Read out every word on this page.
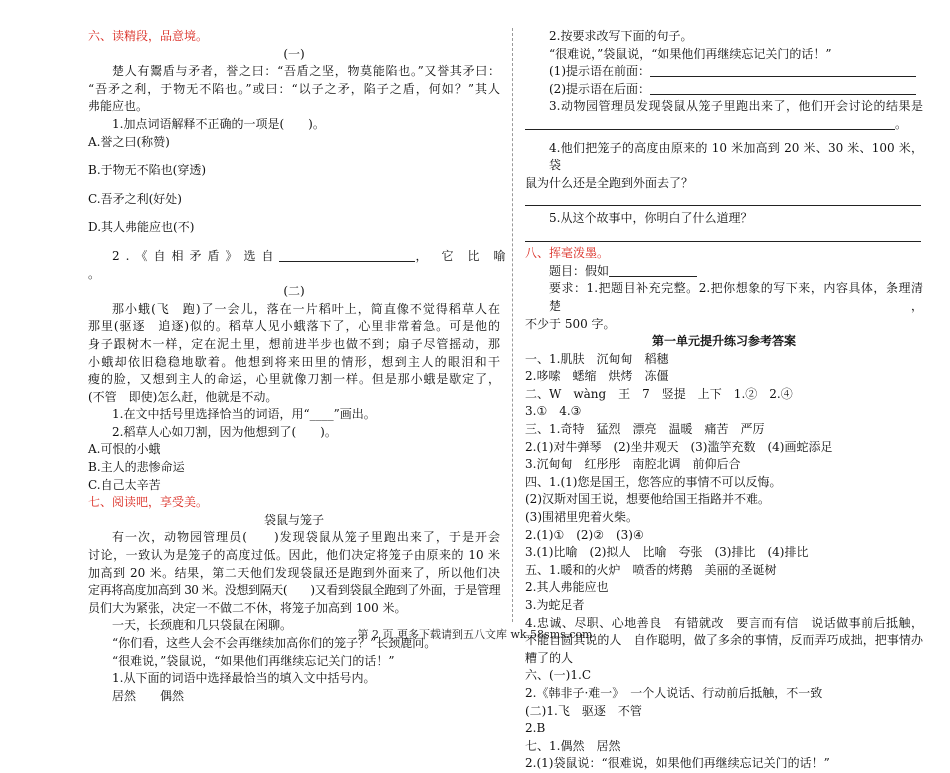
六、读精段，品意境。
(一)
楚人有鬻盾与矛者，誉之曰：“吾盾之坚，物莫能陷也。”又誉其矛曰：
“吾矛之利，于物无不陷也。”或曰：“以子之矛，陷子之盾，何如？”其人
弗能应也。
1.加点词语解释不正确的一项是(　　)。
A.誉之曰(称赞)
B.于物无不陷也(穿透)
C.吾矛之利(好处)
D.其人弗能应也(不)
2.《自相矛盾》选自	，它比喻
。
(二)
那小蛾(飞　跑)了一会儿，落在一片稻叶上，简直像不觉得稻草人在
那里(驱逐　追逐)似的。稻草人见小蛾落下了，心里非常着急。可是他的
身子跟树木一样，定在泥土里，想前进半步也做不到；扇子尽管摇动，那
小蛾却依旧稳稳地歇着。他想到将来田里的情形，想到主人的眼泪和干
瘦的脸，又想到主人的命运，心里就像刀割一样。但是那小蛾是歇定了，
(不管　即使)怎么赶，他就是不动。
1.在文中括号里选择恰当的词语，用“____”画出。
2.稻草人心如刀割，因为他想到了(　　)。
A.可恨的小蛾
B.主人的悲惨命运
C.自己太辛苦
七、阅读吧，享受美。
袋鼠与笼子
有一次，动物园管理员(　　)发现袋鼠从笼子里跑出来了，于是开会
讨论，一致认为是笼子的高度过低。因此，他们决定将笼子由原来的 10 米
加高到 20 米。结果，第二天他们发现袋鼠还是跑到外面来了，所以他们决
定再将高度加高到 30 米。没想到隔天(　　)又看到袋鼠全跑到了外面，于是管理
员们大为紧张，决定一不做二不休，将笼子加高到 100 米。
一天，长颈鹿和几只袋鼠在闲聊。
“你们看，这些人会不会再继续加高你们的笼子？”长颈鹿问。
“很难说，”袋鼠说，“如果他们再继续忘记关门的话！”
1.从下面的词语中选择最恰当的填入文中括号内。
居然　　偶然
2.按要求改写下面的句子。
“很难说，”袋鼠说，“如果他们再继续忘记关门的话！”
(1)提示语在前面：
(2)提示语在后面：
3.动物园管理员发现袋鼠从笼子里跑出来了，他们开会讨论的结果是
。
4.他们把笼子的高度由原来的 10 米加高到 20 米、30 米、100 米，袋
鼠为什么还是全跑到外面去了？
5.从这个故事中，你明白了什么道理？
八、挥毫泼墨。
题目：假如
要求：1.把题目补充完整。2.把你想象的写下来，内容具体，条理清楚，
不少于 500 字。
第一单元提升练习参考答案
一、1.肌肤　沉甸甸　稻穗
2.哆嗦　蟋缩　烘烤　冻僵
二、W　wàng　王　7　竖提　上下　1.②　2.④
3.①　4.③
三、1.奇特　猛烈　漂亮　温暖　痛苦　严厉
2.(1)对牛弹琴　(2)坐井观天　(3)滥竽充数　(4)画蛇添足
3.沉甸甸　红彤彤　南腔北调　前仰后合
四、1.(1)您是国王，您答应的事情不可以反悔。
(2)汉斯对国王说，想要他给国王指路并不难。
(3)围裙里兜着火柴。
2.(1)①　(2)②　(3)④
3.(1)比喻　(2)拟人　比喻　夸张　(3)排比　(4)排比
五、1.暖和的火炉　喷香的烤鹅　美丽的圣诞树
2.其人弗能应也
3.为蛇足者
4.忠诚、尽职、心地善良　有错就改　要言而有信　说话做事前后抵触，
不能自圆其说的人　自作聪明，做了多余的事情，反而弄巧成拙，把事情办
糟了的人
六、(一)1.C
2.《韩非子·难一》　一个人说话、行动前后抵触，不一致
(二)1.飞　驱逐　不管
2.B
七、1.偶然　居然
2.(1)袋鼠说：“很难说，如果他们再继续忘记关门的话！”
第 2 页 更多下载请到五八文库 wk.58sms.com
